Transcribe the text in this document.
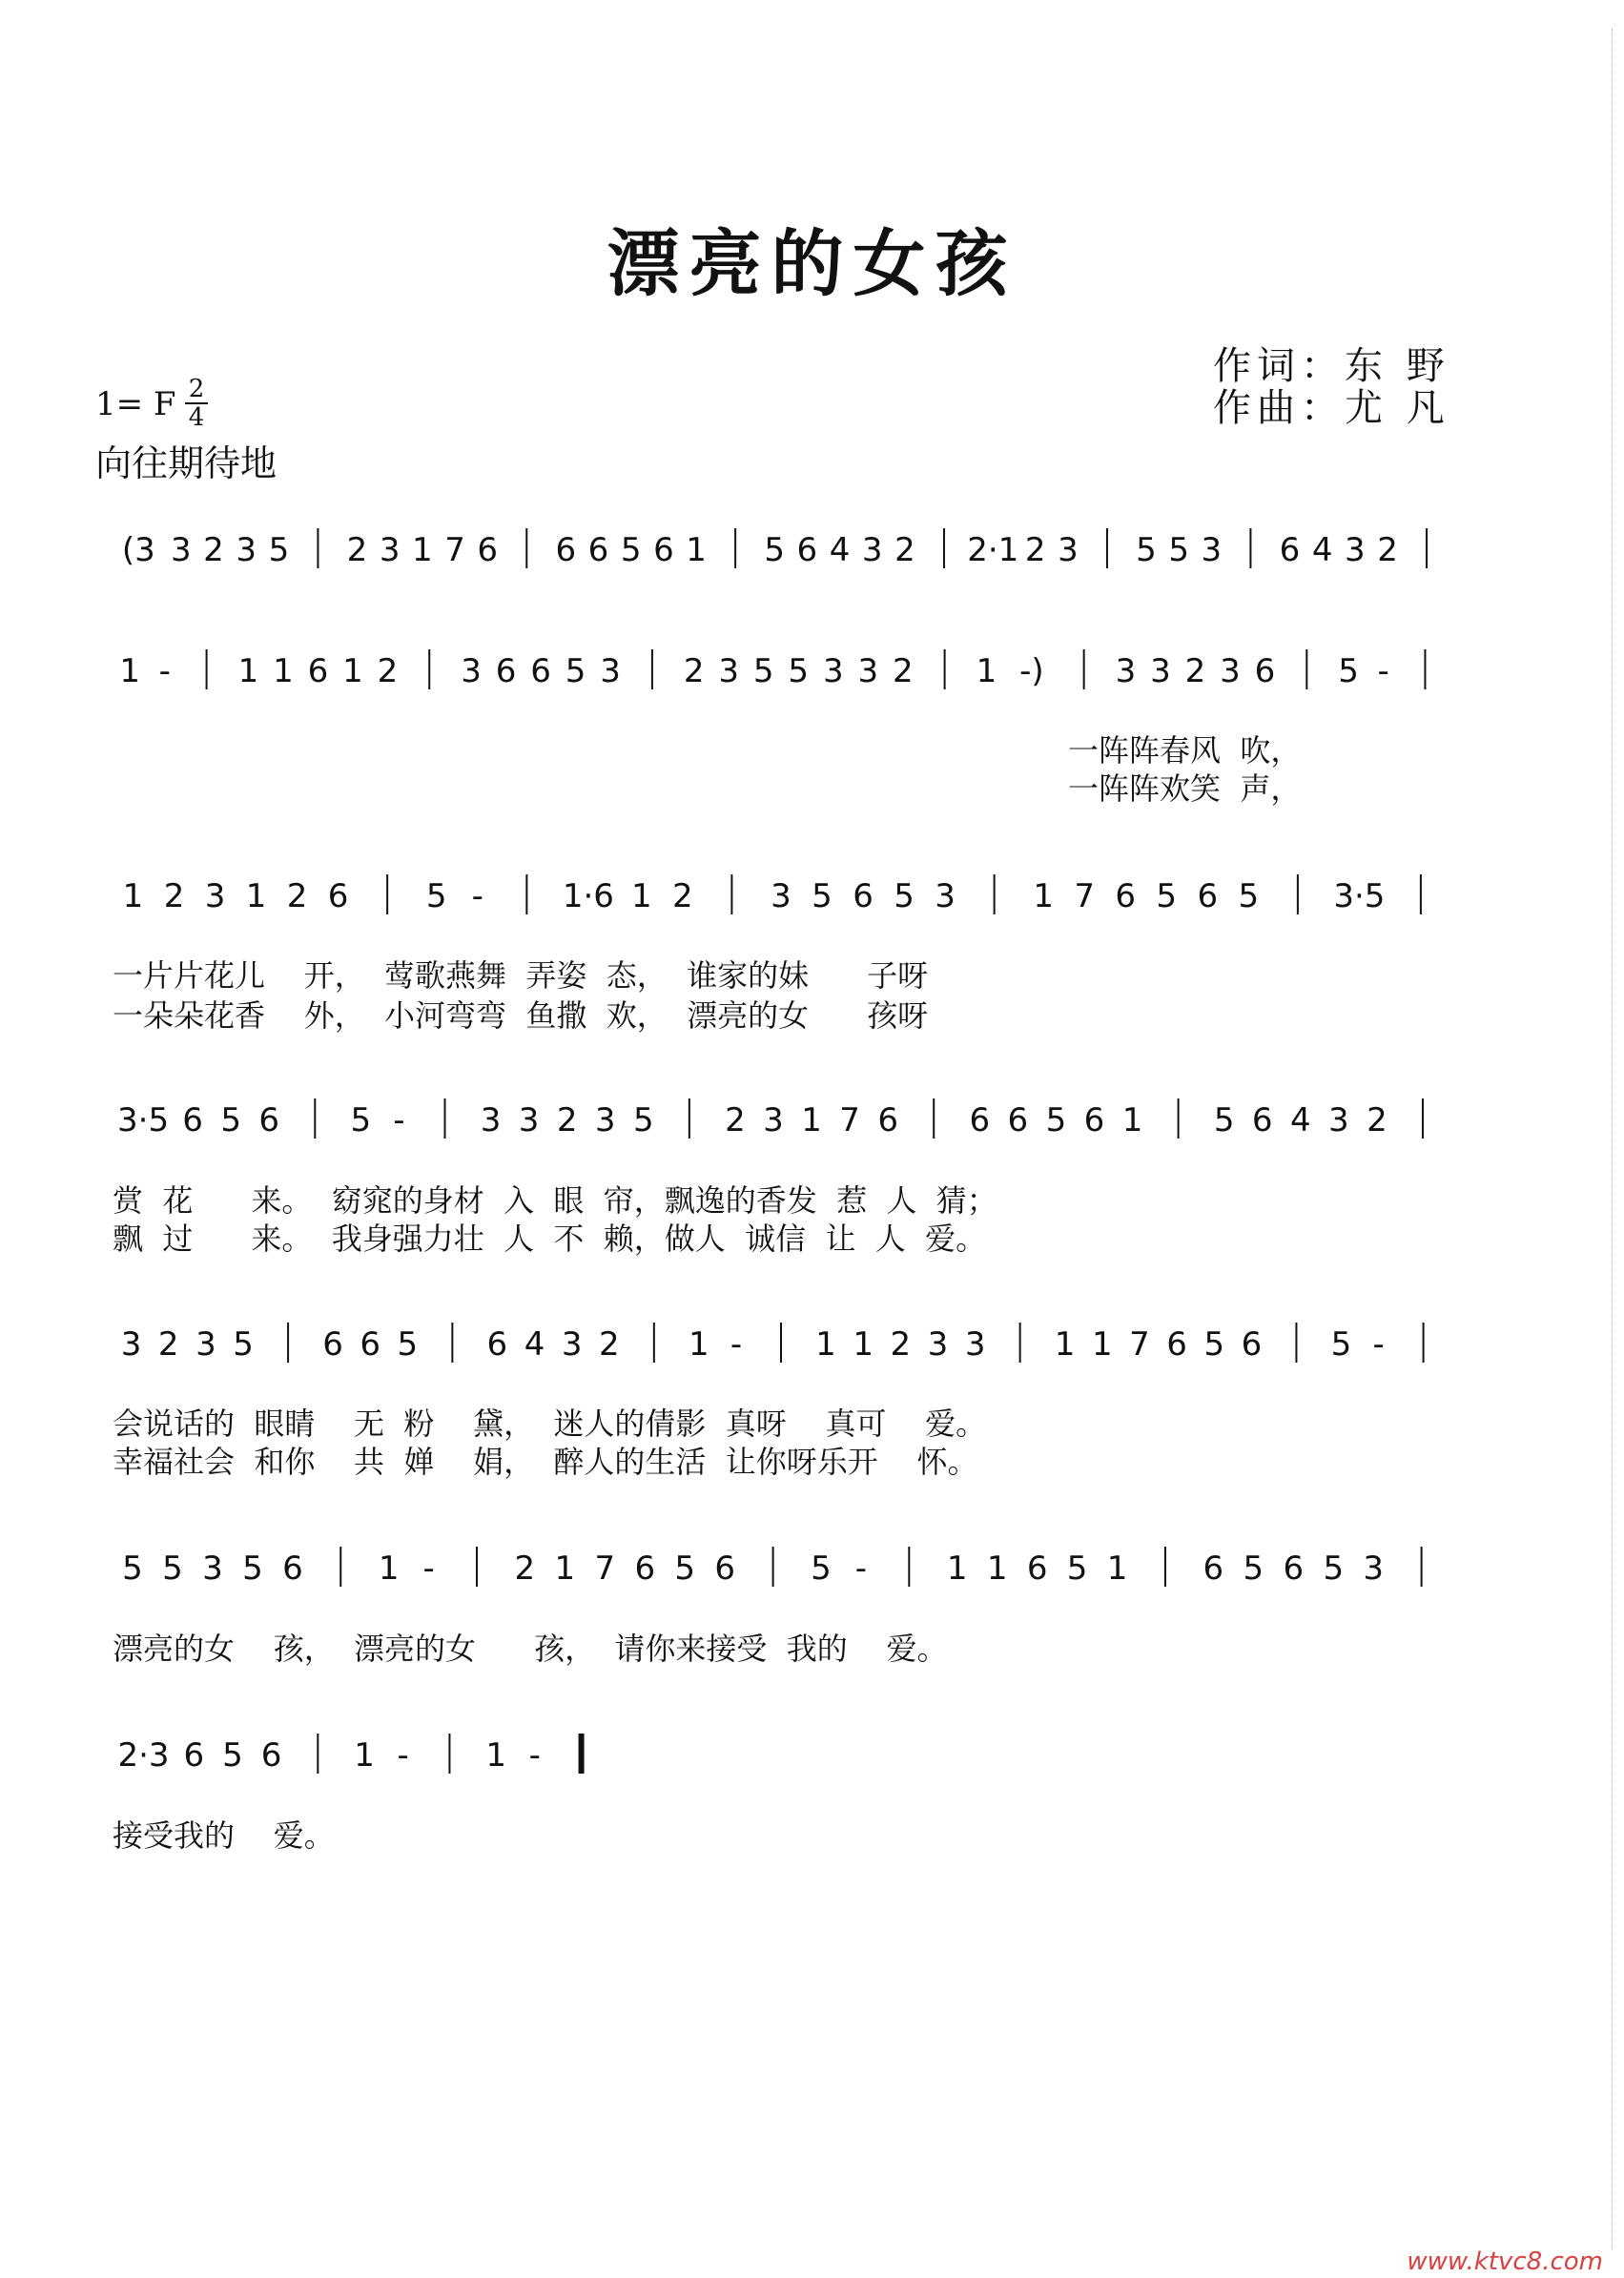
漂亮的女孩
作词：东 野
作曲：尤 凡
1= F 2
4
向往期待地
(3 3 2 3 5 2 3 1 7 6 6 6 5 6 1 5 6 4 3 2 2·1 2 3 5 5 3 6 4 3 2
1 - 1 1 6 1 2 3 6 6 5 3 2 3 5 5 3 3 2 1 -) 3 3 2 3 6 5 -
1 2 3 1 2 6 5 - 1·6 1 2 3 5 6 5 3 1 7 6 5 6 5 3·5
3·5 6 5 6 5 - 3 3 2 3 5 2 3 1 7 6 6 6 5 6 1 5 6 4 3 2
3 2 3 5 6 6 5 6 4 3 2 1 - 1 1 2 3 3 1 1 7 6 5 6 5 -
5 5 3 5 6 1 - 2 1 7 6 5 6 5 - 1 1 6 5 1 6 5 6 5 3
2·3 6 5 6 1 - 1 -
一阵阵春风  吹，
一阵阵欢笑  声，
一片片花儿    开，  莺歌燕舞  弄姿  态，  谁家的妹      子呀
一朵朵花香    外，  小河弯弯  鱼撒  欢，  漂亮的女      孩呀
赏  花      来。  窈窕的身材  入  眼  帘，飘逸的香发  惹  人  猜；
飘  过      来。  我身强力壮  人  不  赖，做人  诚信  让  人  爱。
会说话的  眼睛    无  粉    黛，  迷人的倩影  真呀    真可    爱。
幸福社会  和你    共  婵    娟，  醉人的生活  让你呀乐开    怀。
漂亮的女    孩，  漂亮的女      孩，  请你来接受  我的    爱。
接受我的    爱。
www.ktvc8.com
